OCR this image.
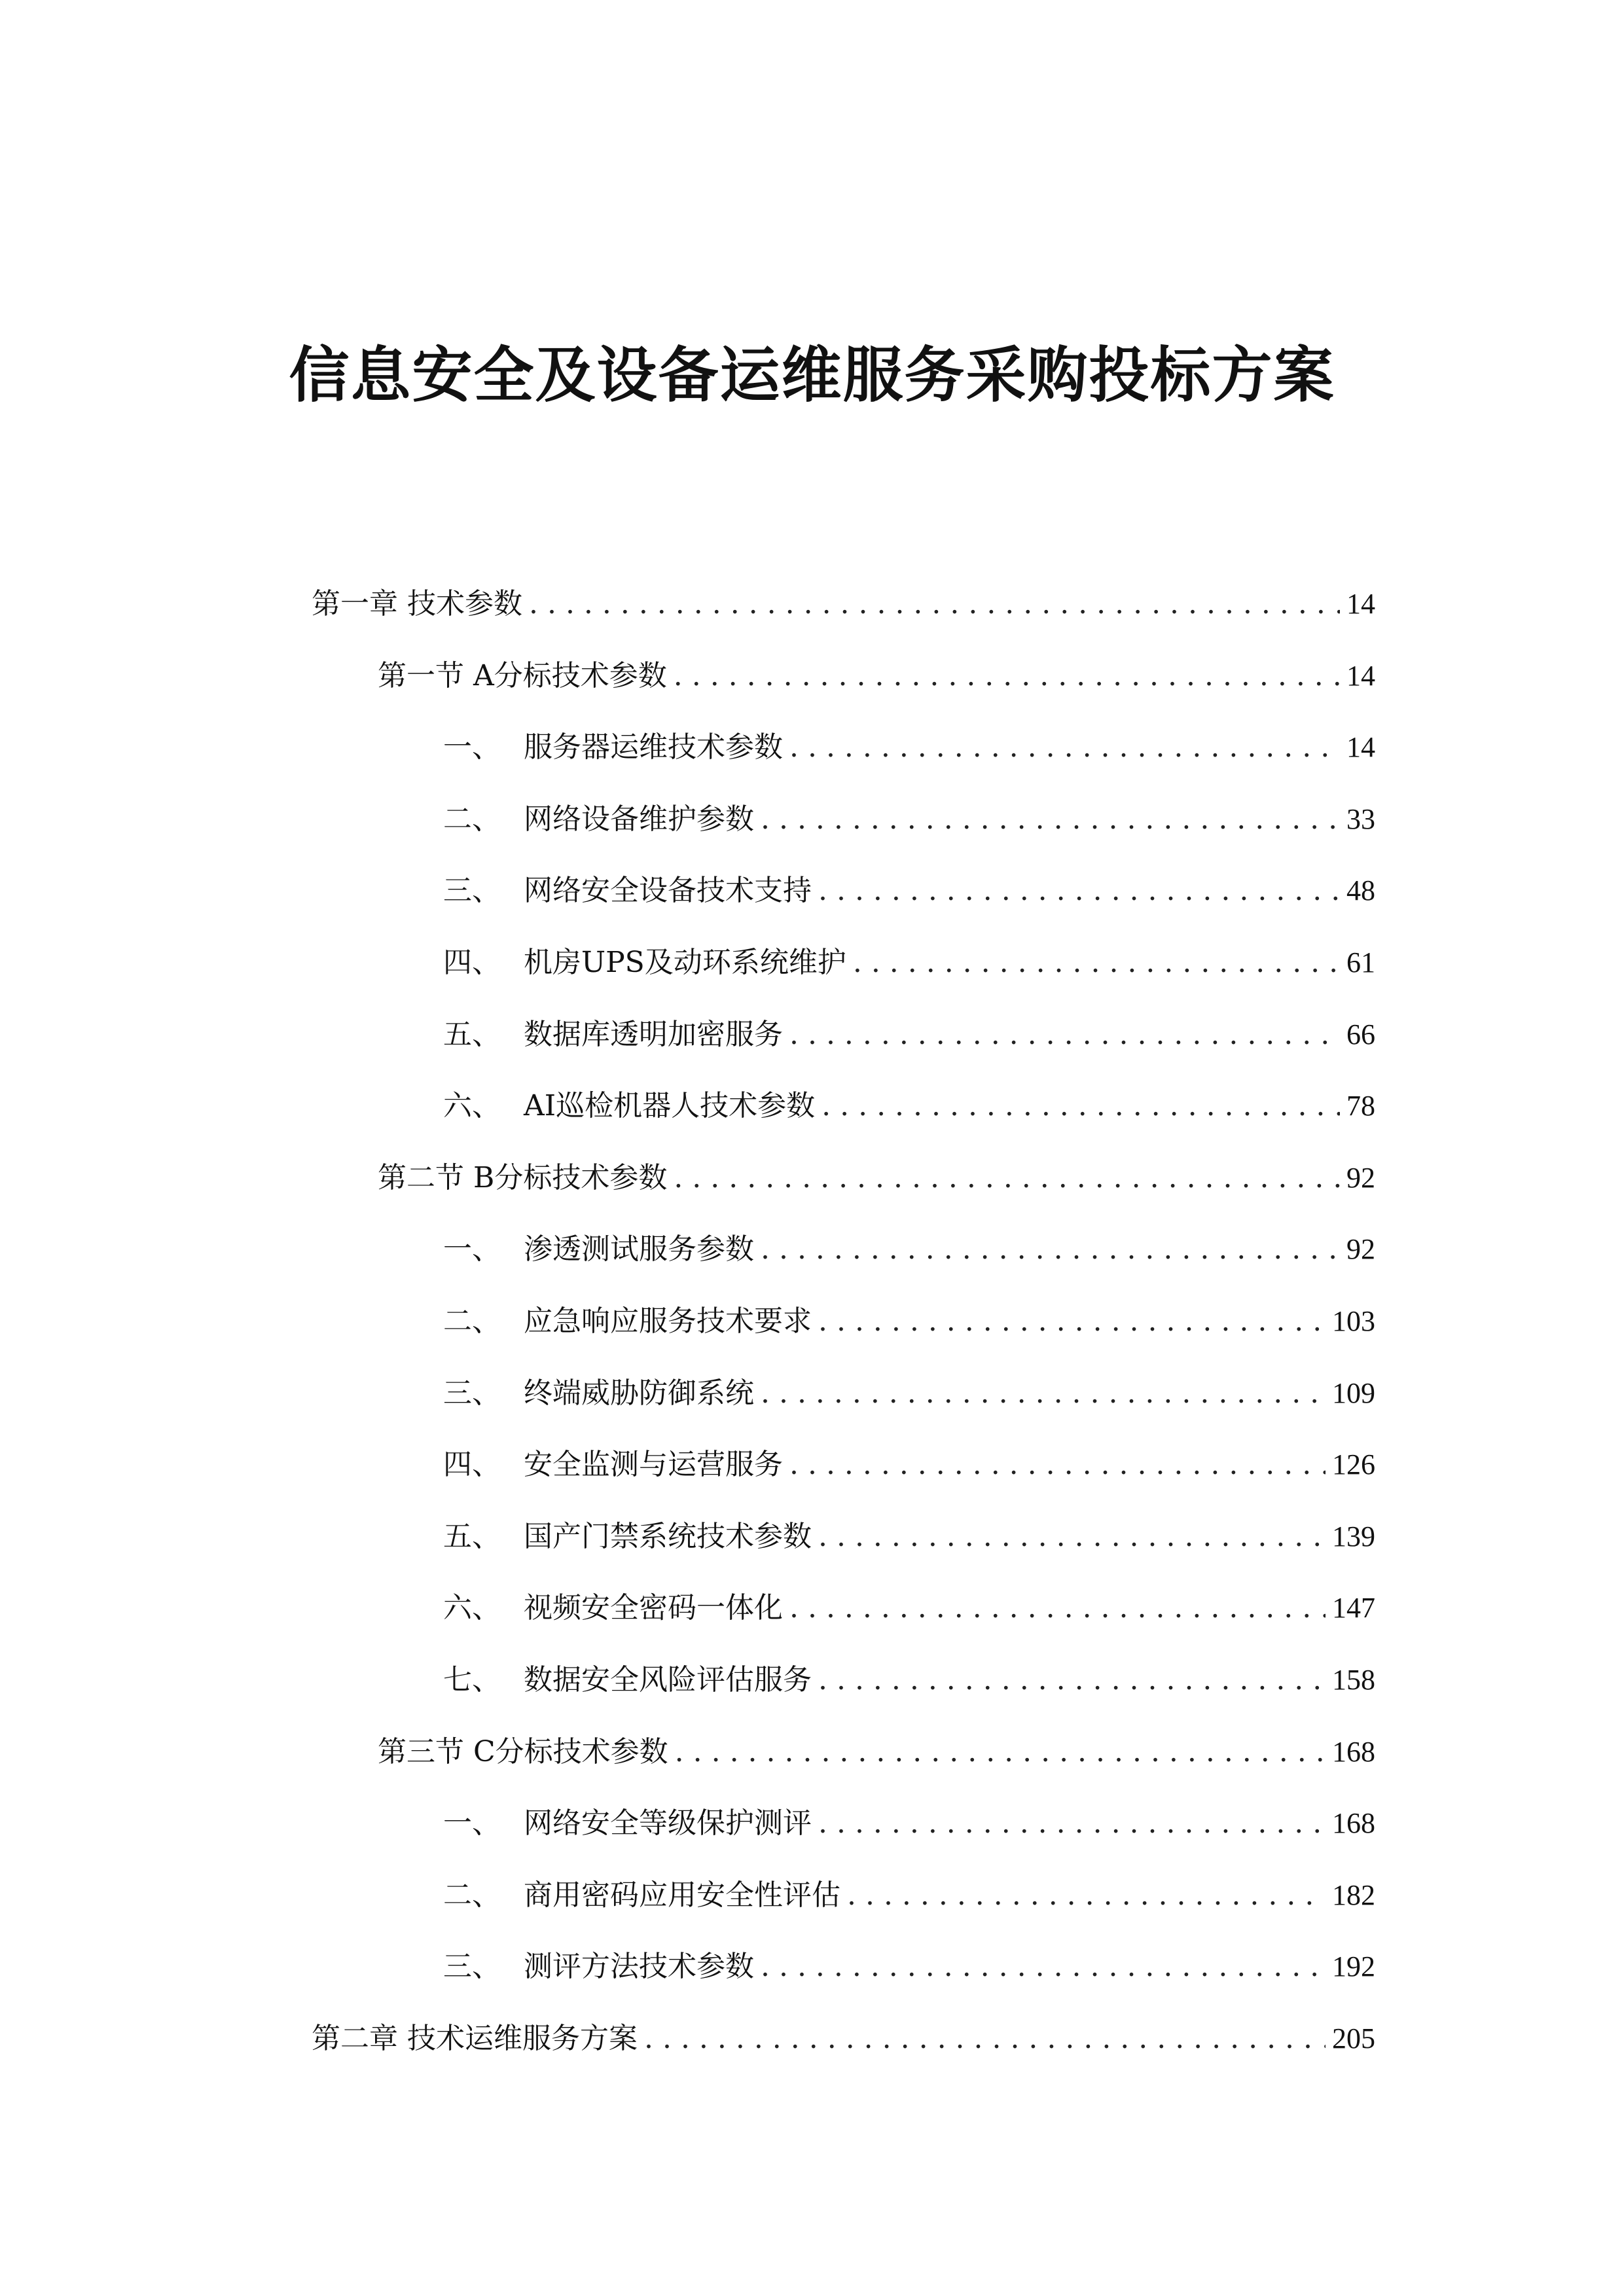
信息安全及设备运维服务采购投标方案
第一章 技术参数 . . .	14
第一节 A分标技术参数 . . .	14
一、 服务器运维技术参数 . . .	14
二、 网络设备维护参数 . . .	33
三、 网络安全设备技术支持 . . .	48
四、 机房UPS及动环系统维护 . . .	61
五、 数据库透明加密服务 . . .	66
六、 AI巡检机器人技术参数 . . .	78
第二节 B分标技术参数 . . .	92
一、 渗透测试服务参数 . . .	92
二、 应急响应服务技术要求 . . .	103
三、 终端威胁防御系统 . . .	109
四、 安全监测与运营服务 . . .	126
五、 国产门禁系统技术参数 . . .	139
六、 视频安全密码一体化 . . .	147
七、 数据安全风险评估服务 . . .	158
第三节 C分标技术参数 . . .	168
一、 网络安全等级保护测评 . . .	168
二、 商用密码应用安全性评估 . . .	182
三、 测评方法技术参数 . . .	192
第二章 技术运维服务方案 . . .	205
